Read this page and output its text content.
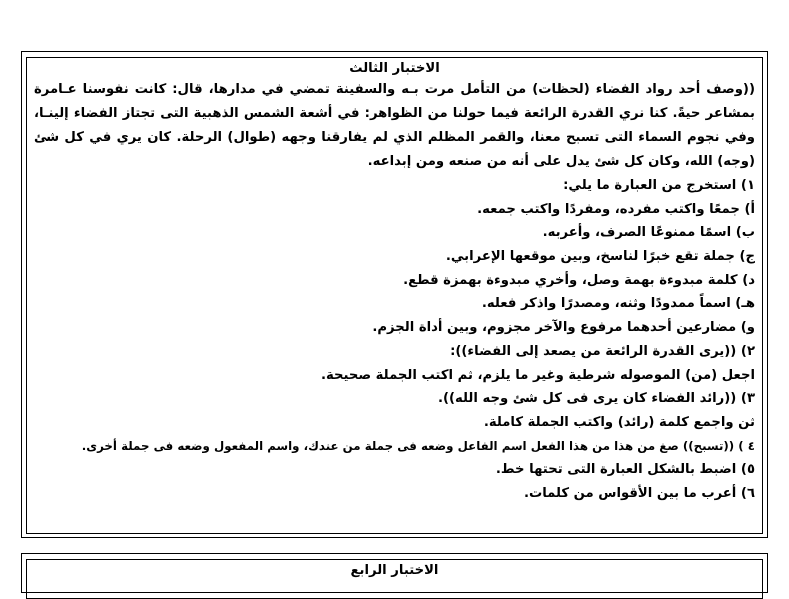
الاختبار الثالث
((وصف أحد رواد الفضاء (لحظات) من التأمل مرت بـه والسفينة تمضي في مدارها، قال: كانت نفوسنا عـامرة
بمشاعر حيةً. كنا نري القدرة الرائعة فيما حولنا من الظواهر: في أشعة الشمس الذهبية التى تجتاز الفضاء إلينـا،
وفي نجوم السماء التى تسبح معنا، والقمر المظلم الذي لم يفارقنا وجهه (طوال) الرحلة. كان يري في كل شئ
(وجه) الله، وكان كل شئ يدل على أنه من صنعه ومن إبداعه.
١) استخرج من العبارة ما يلي:
أ) جمعًا واكتب مفرده، ومفردًا واكتب جمعه.
ب) اسمًا ممنوعًا الصرف، وأعربه.
ج) جملة تقع خبرًا لناسخ، وبين موقعها الإعرابي.
د) كلمة مبدوءة بهمة وصل، وأخري مبدوءة بهمزة قطع.
هـ) اسماً ممدودًا وثنه، ومصدرًا واذكر فعله.
و) مضارعين أحدهما مرفوع والآخر مجزوم، وبين أداة الجزم.
٢) ((يرى القدرة الرائعة من يصعد إلى الفضاء)):
اجعل (من) الموصوله شرطية وغير ما يلزم، ثم اكتب الجملة صحيحة.
٣) ((رائد الفضاء كان يرى فى كل شئ وجه الله)).
ثن واجمع كلمة (رائد) واكتب الجملة كاملة.
٤ ) ((تسبح)) صغ من هذا من هذا الفعل اسم الفاعل وضعه فى جملة من عندك، واسم المفعول وضعه فى جملة أخرى.
٥) اضبط بالشكل العبارة التى تحتها خط.
٦) أعرب ما بين الأقواس من كلمات.
الاختبار الرابع
